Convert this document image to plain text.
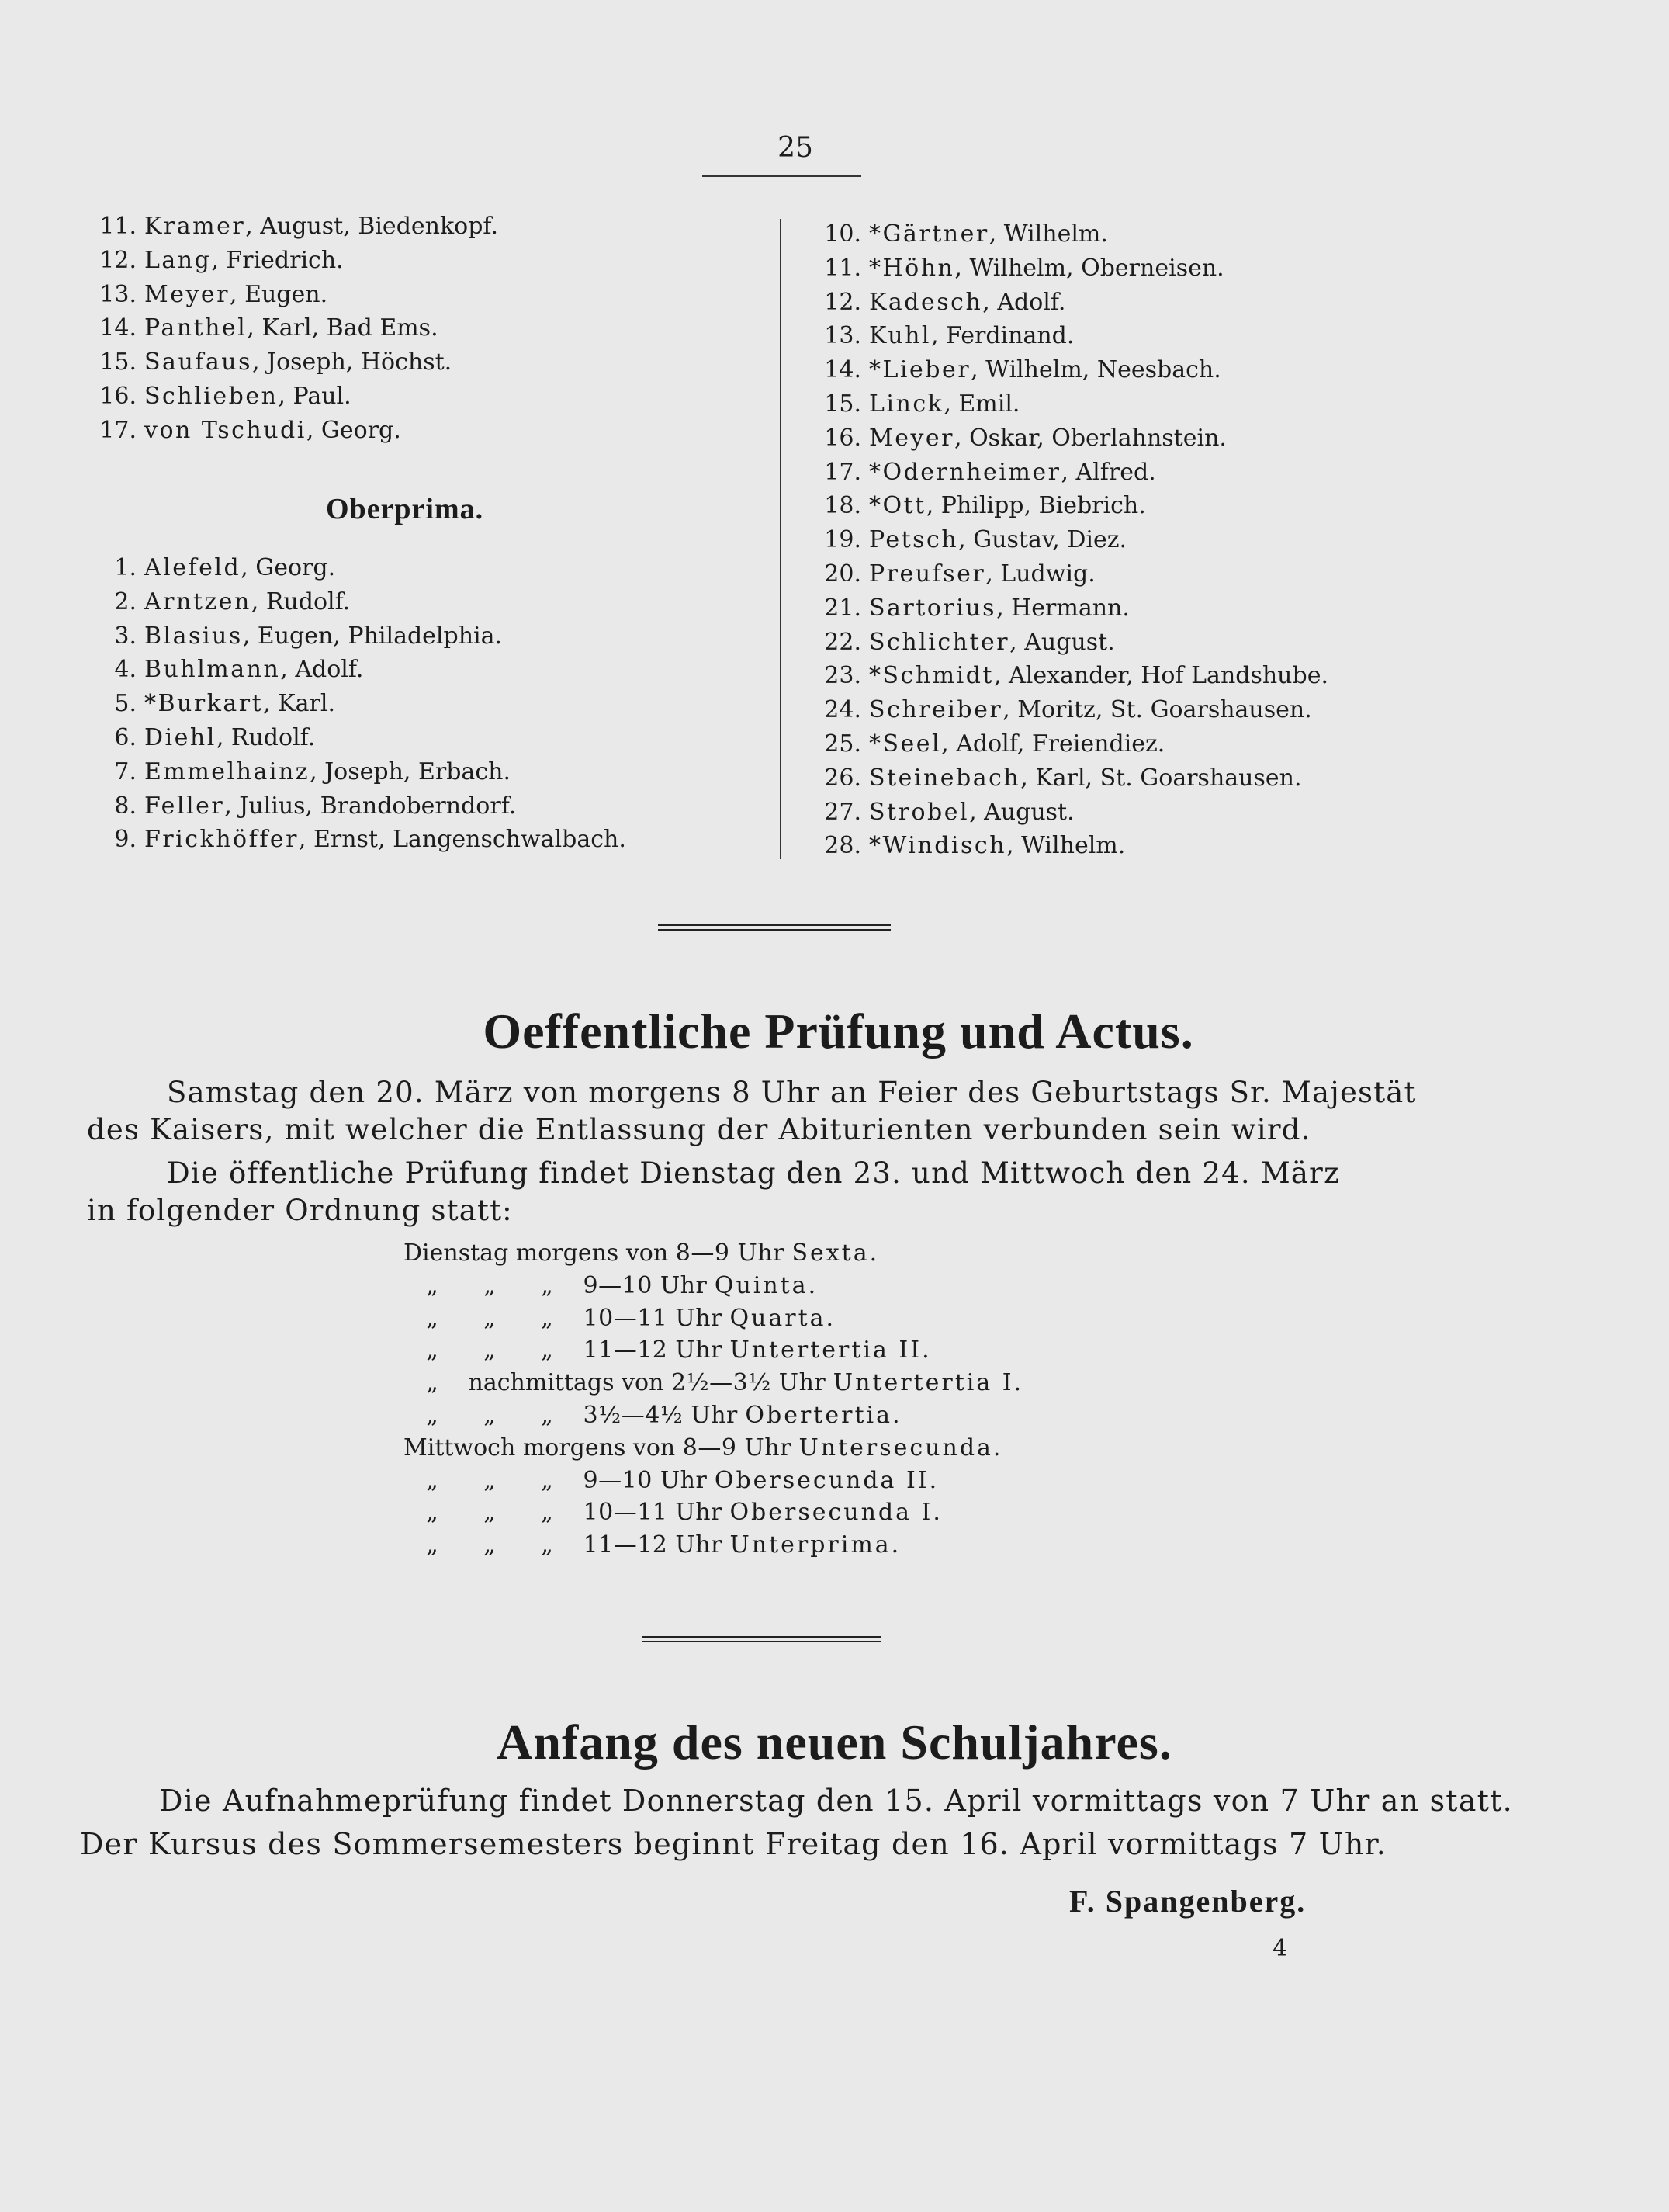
25
11. Kramer, August, Biedenkopf.
12. Lang, Friedrich.
13. Meyer, Eugen.
14. Panthel, Karl, Bad Ems.
15. Saufaus, Joseph, Höchst.
16. Schlieben, Paul.
17. von Tschudi, Georg.
Oberprima.
1. Alefeld, Georg.
2. Arntzen, Rudolf.
3. Blasius, Eugen, Philadelphia.
4. Buhlmann, Adolf.
5. *Burkart, Karl.
6. Diehl, Rudolf.
7. Emmelhainz, Joseph, Erbach.
8. Feller, Julius, Brandoberndorf.
9. Frickhöffer, Ernst, Langenschwalbach.
10. *Gärtner, Wilhelm.
11. *Höhn, Wilhelm, Oberneisen.
12. Kadesch, Adolf.
13. Kuhl, Ferdinand.
14. *Lieber, Wilhelm, Neesbach.
15. Linck, Emil.
16. Meyer, Oskar, Oberlahnstein.
17. *Odernheimer, Alfred.
18. *Ott, Philipp, Biebrich.
19. Petsch, Gustav, Diez.
20. Preufser, Ludwig.
21. Sartorius, Hermann.
22. Schlichter, August.
23. *Schmidt, Alexander, Hof Landshube.
24. Schreiber, Moritz, St. Goarshausen.
25. *Seel, Adolf, Freiendiez.
26. Steinebach, Karl, St. Goarshausen.
27. Strobel, August.
28. *Windisch, Wilhelm.
Oeffentliche Prüfung und Actus.
Samstag den 20. März von morgens 8 Uhr an Feier des Geburtstags Sr. Majestät
des Kaisers, mit welcher die Entlassung der Abiturienten verbunden sein wird.
Die öffentliche Prüfung findet Dienstag den 23. und Mittwoch den 24. März
in folgender Ordnung statt:
Dienstag morgens von 8—9 Uhr Sexta.
„ „ „ 9—10 Uhr Quinta.
„ „ „ 10—11 Uhr Quarta.
„ „ „ 11—12 Uhr Untertertia II.
„ nachmittags von 2½—3½ Uhr Untertertia I.
„ „ „ 3½—4½ Uhr Obertertia.
Mittwoch morgens von 8—9 Uhr Untersecunda.
„ „ „ 9—10 Uhr Obersecunda II.
„ „ „ 10—11 Uhr Obersecunda I.
„ „ „ 11—12 Uhr Unterprima.
Anfang des neuen Schuljahres.
Die Aufnahmeprüfung findet Donnerstag den 15. April vormittags von 7 Uhr an statt.
Der Kursus des Sommersemesters beginnt Freitag den 16. April vormittags 7 Uhr.
F. Spangenberg.
4
